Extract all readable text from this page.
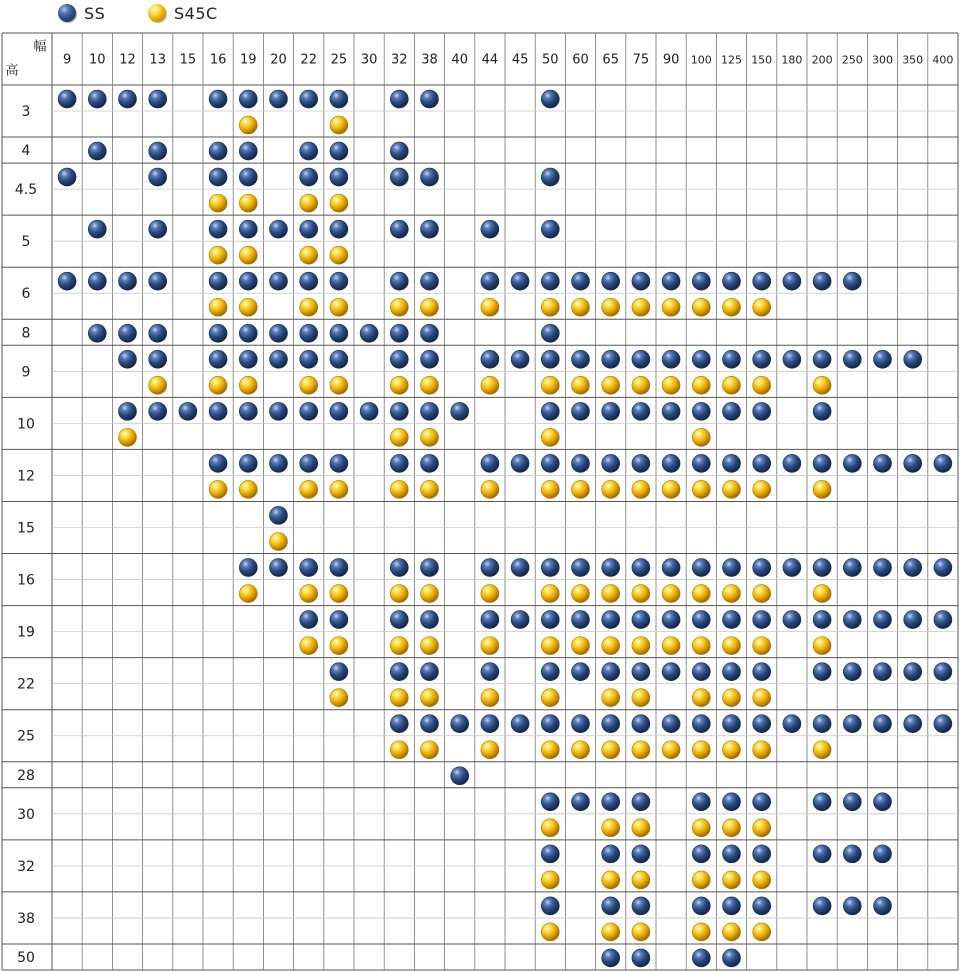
SS	S45C
幅
高
9 10 12 13 15 16 19 20 22 25 30 32 38 40 44 45 50 60 65 75 90 100 125 150 180 200 250 300 350 400
3
4
4.5
5
6
8
9
10
12
15
16
19
22
25
28
30
32
38
50
